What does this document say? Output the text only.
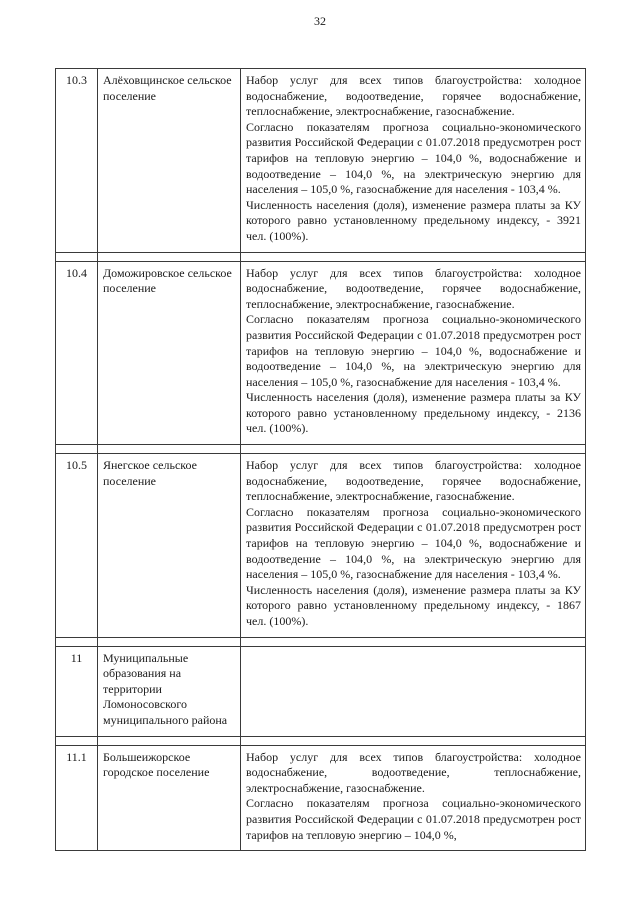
32
10.3	Алёховщинское сельское поселение	Набор услуг для всех типов благоустройства: холодное водоснабжение, водоотведение, горячее водоснабжение, теплоснабжение, электроснабжение, газоснабжение.

Согласно показателям прогноза социально-экономического развития Российской Федерации с 01.07.2018 предусмотрен рост тарифов на тепловую энергию – 104,0 %, водоснабжение и водоотведение – 104,0 %, на электрическую энергию для населения – 105,0 %, газоснабжение для населения - 103,4 %.

Численность населения (доля), изменение размера платы за КУ которого равно установленному предельному индексу, - 3921 чел. (100%).

10.4	Доможировское сельское поселение	Набор услуг для всех типов благоустройства: холодное водоснабжение, водоотведение, горячее водоснабжение, теплоснабжение, электроснабжение, газоснабжение.

Согласно показателям прогноза социально-экономического развития Российской Федерации с 01.07.2018 предусмотрен рост тарифов на тепловую энергию – 104,0 %, водоснабжение и водоотведение – 104,0 %, на электрическую энергию для населения – 105,0 %, газоснабжение для населения - 103,4 %.

Численность населения (доля), изменение размера платы за КУ которого равно установленному предельному индексу, - 2136 чел. (100%).

10.5	Янегское сельское поселение	Набор услуг для всех типов благоустройства: холодное водоснабжение, водоотведение, горячее водоснабжение, теплоснабжение, электроснабжение, газоснабжение.

Согласно показателям прогноза социально-экономического развития Российской Федерации с 01.07.2018 предусмотрен рост тарифов на тепловую энергию – 104,0 %, водоснабжение и водоотведение – 104,0 %, на электрическую энергию для населения – 105,0 %, газоснабжение для населения - 103,4 %.

Численность населения (доля), изменение размера платы за КУ которого равно установленному предельному индексу, - 1867 чел. (100%).

11	Муниципальные образования на территории Ломоносовского муниципального района	

11.1	Большеижорское городское поселение	Набор услуг для всех типов благоустройства: холодное водоснабжение, водоотведение, теплоснабжение, электроснабжение, газоснабжение.

Согласно показателям прогноза социально-экономического развития Российской Федерации с 01.07.2018 предусмотрен рост тарифов на тепловую энергию – 104,0 %,
